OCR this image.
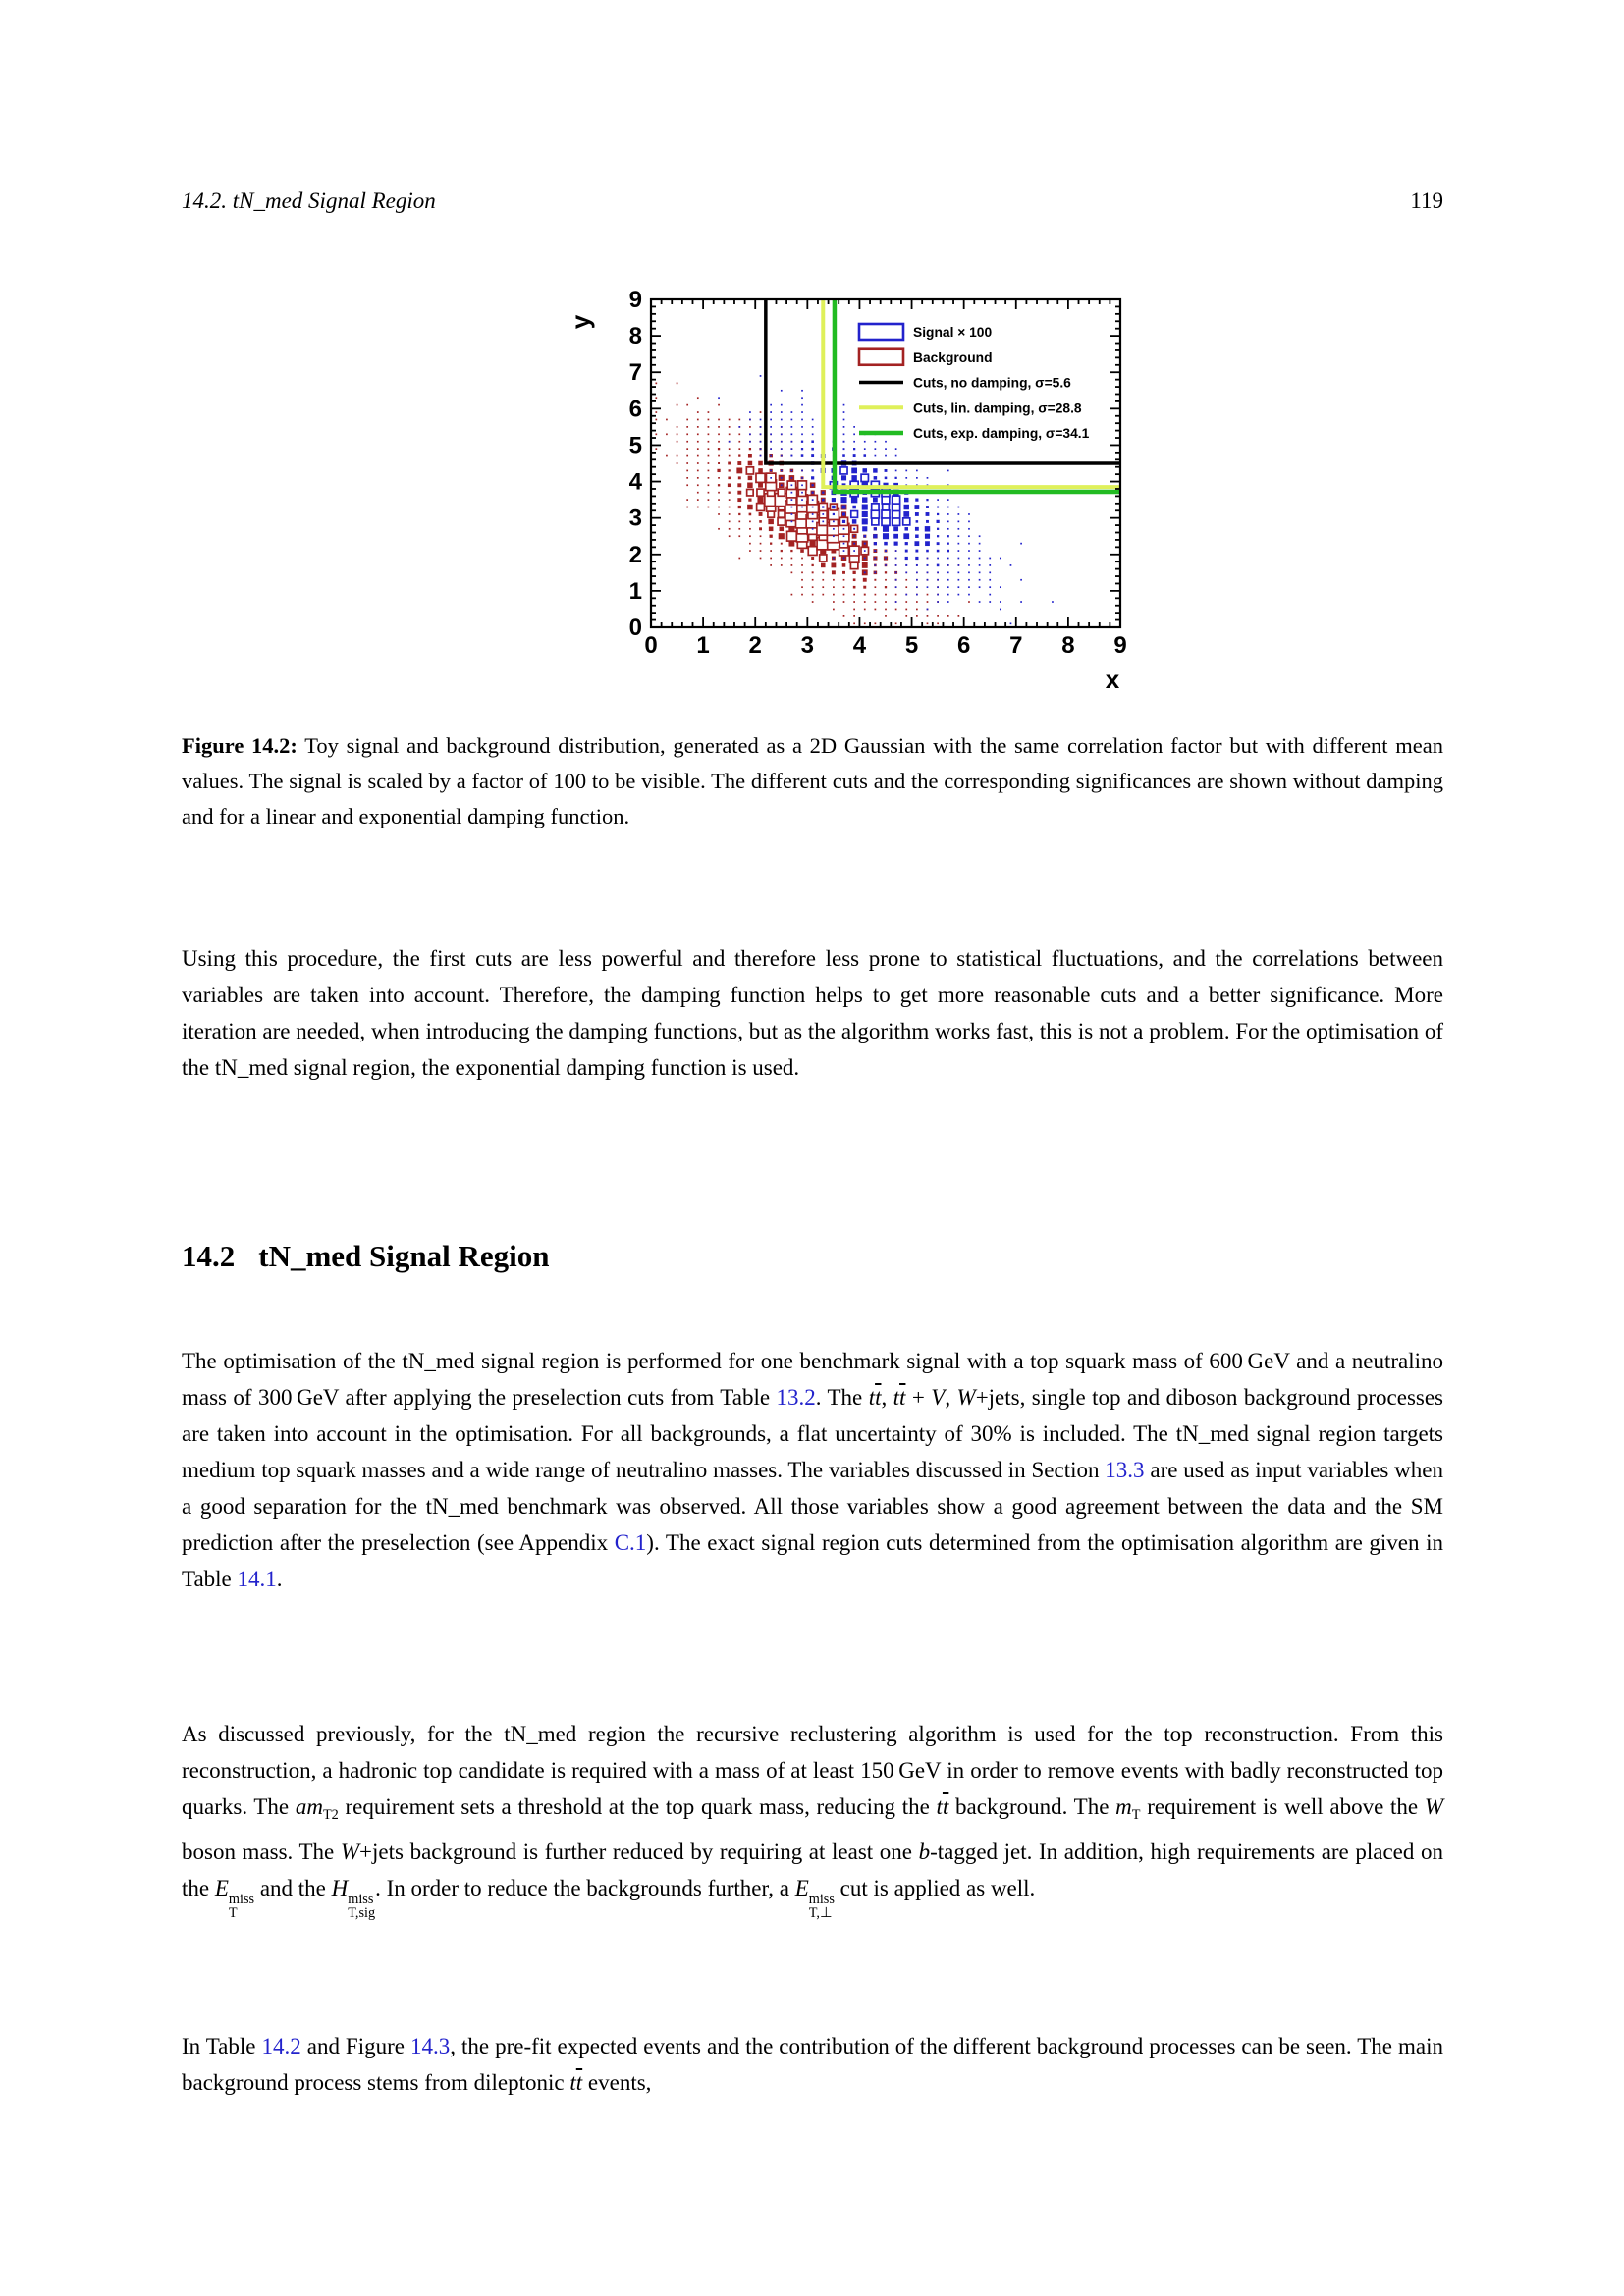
14.2. tN_med Signal Region	119
0 1 2 3 4 5 6 7 8 9
0
1
2
3
4
5
6
7
8
9
x
y
Signal × 100
Background
Cuts, no damping, σ=5.6
Cuts, lin. damping, σ=28.8
Cuts, exp. damping, σ=34.1
Figure 14.2: Toy signal and background distribution, generated as a 2D Gaussian with the same correlation factor but with different mean values. The signal is scaled by a factor of 100 to be visible. The different cuts and the corresponding significances are shown without damping and for a linear and exponential damping function.

Using this procedure, the first cuts are less powerful and therefore less prone to statistical fluctuations, and the correlations between variables are taken into account. Therefore, the damping function helps to get more reasonable cuts and a better significance. More iteration are needed, when introducing the damping functions, but as the algorithm works fast, this is not a problem. For the optimisation of the tN_med signal region, the exponential damping function is used.

14.2 tN_med Signal Region

The optimisation of the tN_med signal region is performed for one benchmark signal with a top squark mass of 600 GeV and a neutralino mass of 300 GeV after applying the preselection cuts from Table 13.2. The $t\overline{t}$, $t\overline{t} + V$, W+jets, single top and diboson background processes are taken into account in the optimisation. For all backgrounds, a flat uncertainty of 30% is included. The tN_med signal region targets medium top squark masses and a wide range of neutralino masses. The variables discussed in Section 13.3 are used as input variables when a good separation for the tN_med benchmark was observed. All those variables show a good agreement between the data and the SM prediction after the preselection (see Appendix C.1). The exact signal region cuts determined from the optimisation algorithm are given in Table 14.1.

As discussed previously, for the tN_med region the recursive reclustering algorithm is used for the top reconstruction. From this reconstruction, a hadronic top candidate is required with a mass of at least 150 GeV in order to remove events with badly reconstructed top quarks. The $am_{T2}$ requirement sets a threshold at the top quark mass, reducing the $t\overline{t}$ background. The $m_T$ requirement is well above the W boson mass. The W+jets background is further reduced by requiring at least one b-tagged jet. In addition, high requirements are placed on the E miss
T
and the H miss
T,sig
. In order to reduce the backgrounds further, a E miss
T,⊥
cut is applied as well.

In Table 14.2 and Figure 14.3, the pre-fit expected events and the contribution of the different background processes can be seen. The main background process stems from dileptonic $t\overline{t}$ events,
